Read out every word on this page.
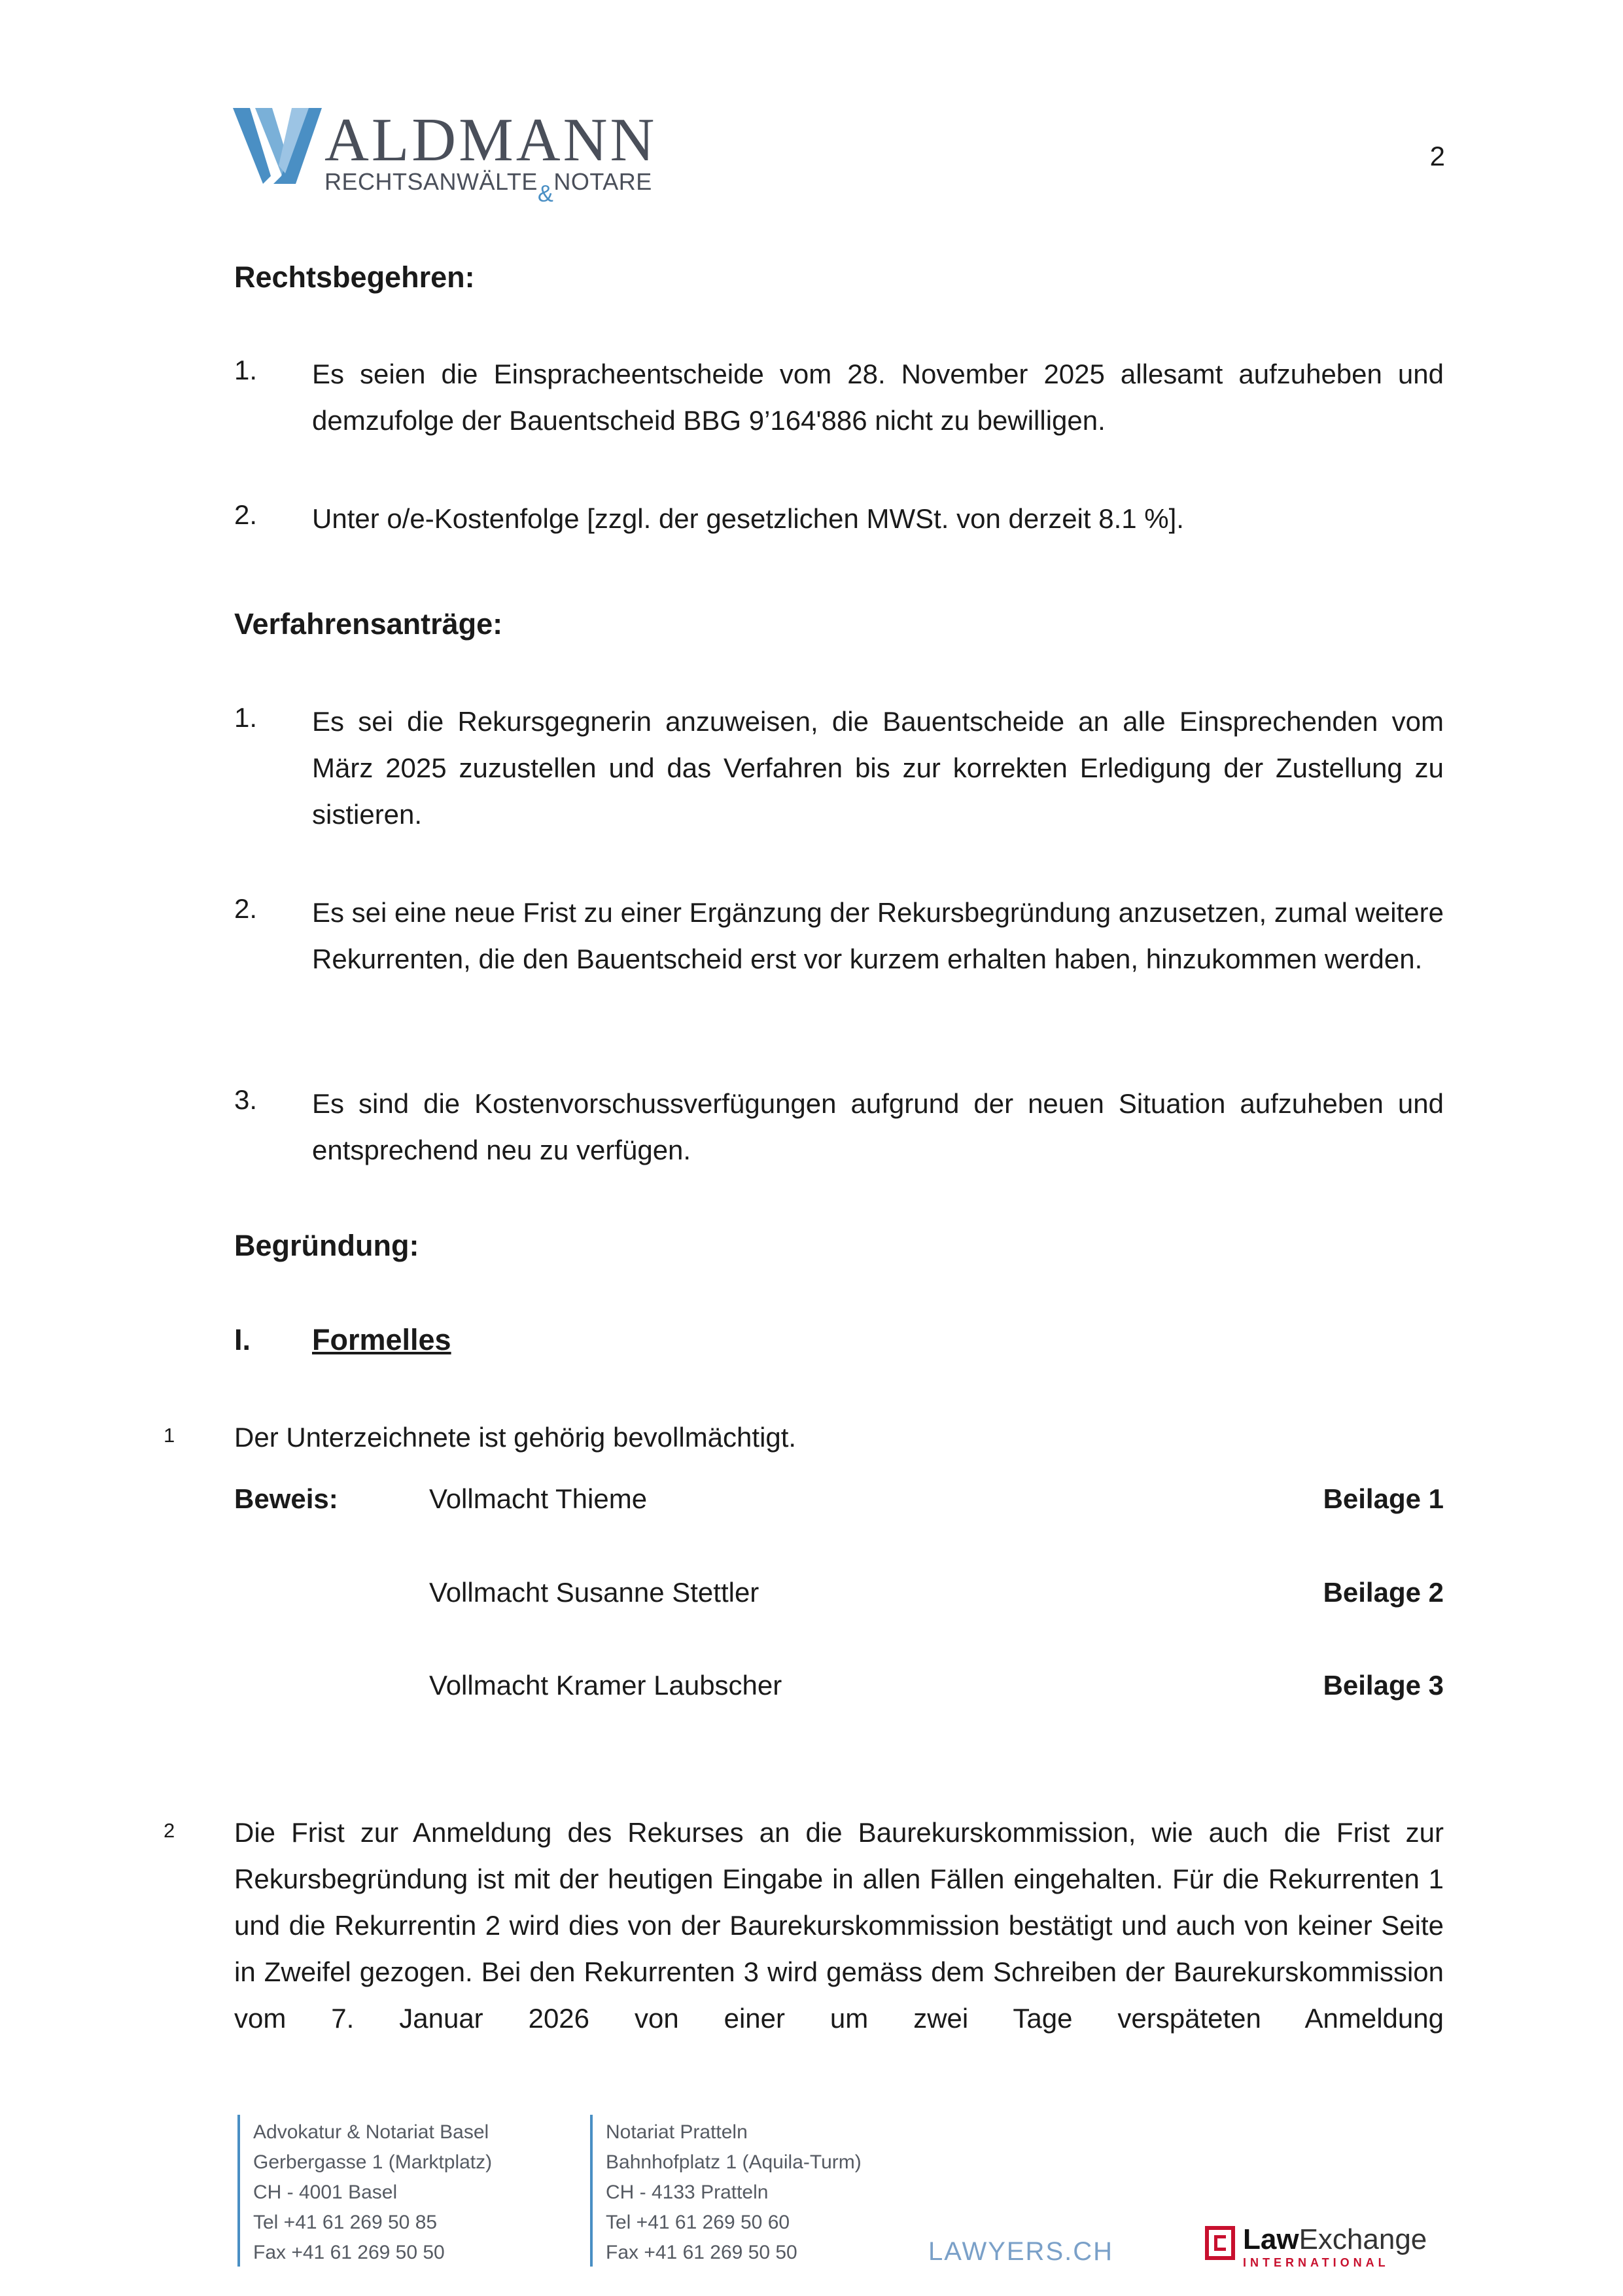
ALDMANN
RECHTSANWÄLTE&NOTARE
2
Rechtsbegehren:
1. Es seien die Einspracheentscheide vom 28. November 2025 allesamt aufzuheben und demzufolge der Bauentscheid BBG 9’164'886 nicht zu bewilligen.
2. Unter o/e-Kostenfolge [zzgl. der gesetzlichen MWSt. von derzeit 8.1 %].
Verfahrensanträge:
1. Es sei die Rekursgegnerin anzuweisen, die Bauentscheide an alle Einsprechenden vom März 2025 zuzustellen und das Verfahren bis zur korrekten Erledigung der Zustellung zu sistieren.
2. Es sei eine neue Frist zu einer Ergänzung der Rekursbegründung anzusetzen, zumal weitere Rekurrenten, die den Bauentscheid erst vor kurzem erhalten haben, hinzukommen werden.
3. Es sind die Kostenvorschussverfügungen aufgrund der neuen Situation aufzuheben und entsprechend neu zu verfügen.
Begründung:
I. Formelles
1 Der Unterzeichnete ist gehörig bevollmächtigt.
Beweis:	Vollmacht Thieme	Beilage 1
Vollmacht Susanne Stettler	Beilage 2
Vollmacht Kramer Laubscher	Beilage 3
2 Die Frist zur Anmeldung des Rekurses an die Baurekurskommission, wie auch die Frist zur Rekursbegründung ist mit der heutigen Eingabe in allen Fällen eingehalten. Für die Rekurrenten 1 und die Rekurrentin 2 wird dies von der Baurekurskommission bestätigt und auch von keiner Seite in Zweifel gezogen. Bei den Rekurrenten 3 wird gemäss dem Schreiben der Baurekurskommission vom 7. Januar 2026 von einer um zwei Tage verspäteten Anmeldung
Advokatur & Notariat Basel
Gerbergasse 1 (Marktplatz)
CH - 4001 Basel
Tel +41 61 269 50 85
Fax +41 61 269 50 50
Notariat Pratteln
Bahnhofplatz 1 (Aquila-Turm)
CH - 4133 Pratteln
Tel +41 61 269 50 60
Fax +41 61 269 50 50	LAWYERS.CH	LawExchange
INTERNATIONAL
